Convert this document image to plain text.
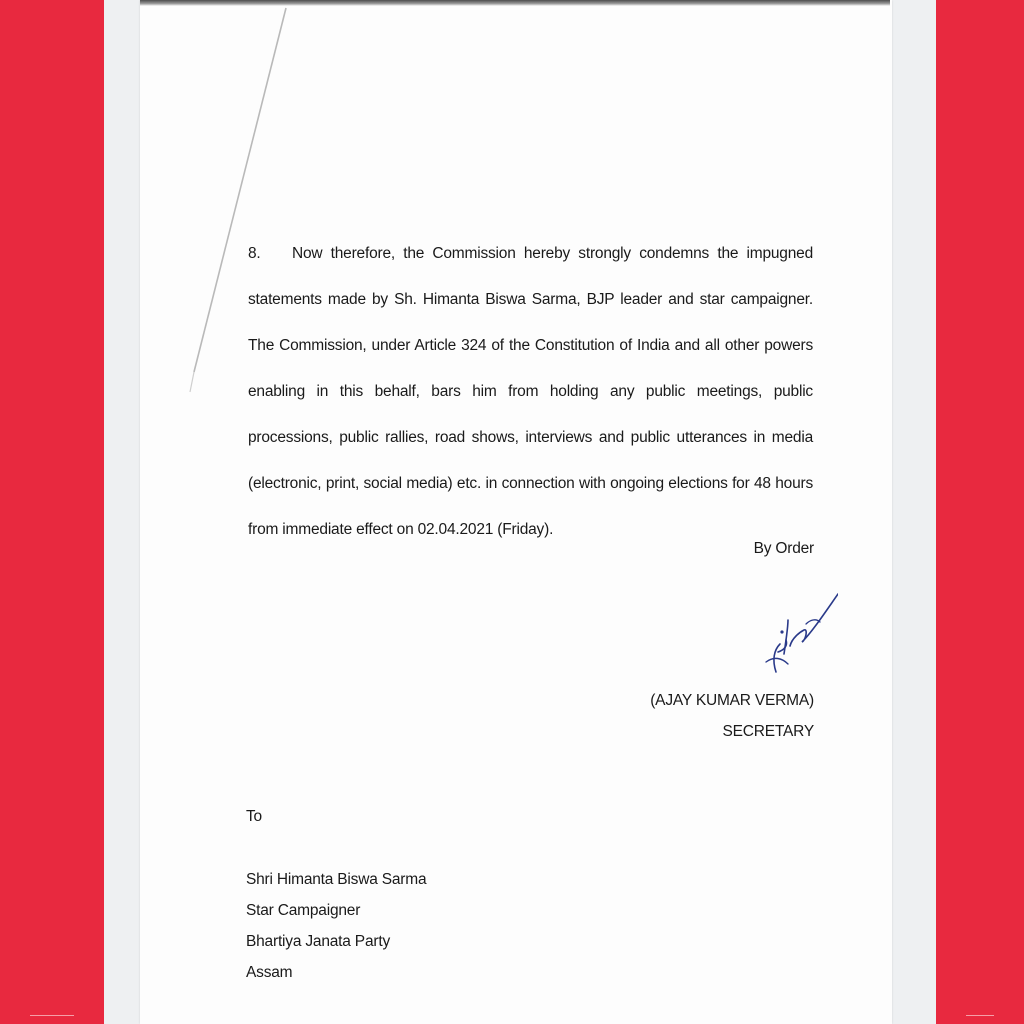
8. Now therefore, the Commission hereby strongly condemns the impugned statements made by Sh. Himanta Biswa Sarma, BJP leader and star campaigner. The Commission, under Article 324 of the Constitution of India and all other powers enabling in this behalf, bars him from holding any public meetings, public processions, public rallies, road shows, interviews and public utterances in media (electronic, print, social media) etc. in connection with ongoing elections for 48 hours from immediate effect on 02.04.2021 (Friday).

By Order
(AJAY KUMAR VERMA)
SECRETARY
To
Shri Himanta Biswa Sarma
Star Campaigner
Bhartiya Janata Party
Assam
